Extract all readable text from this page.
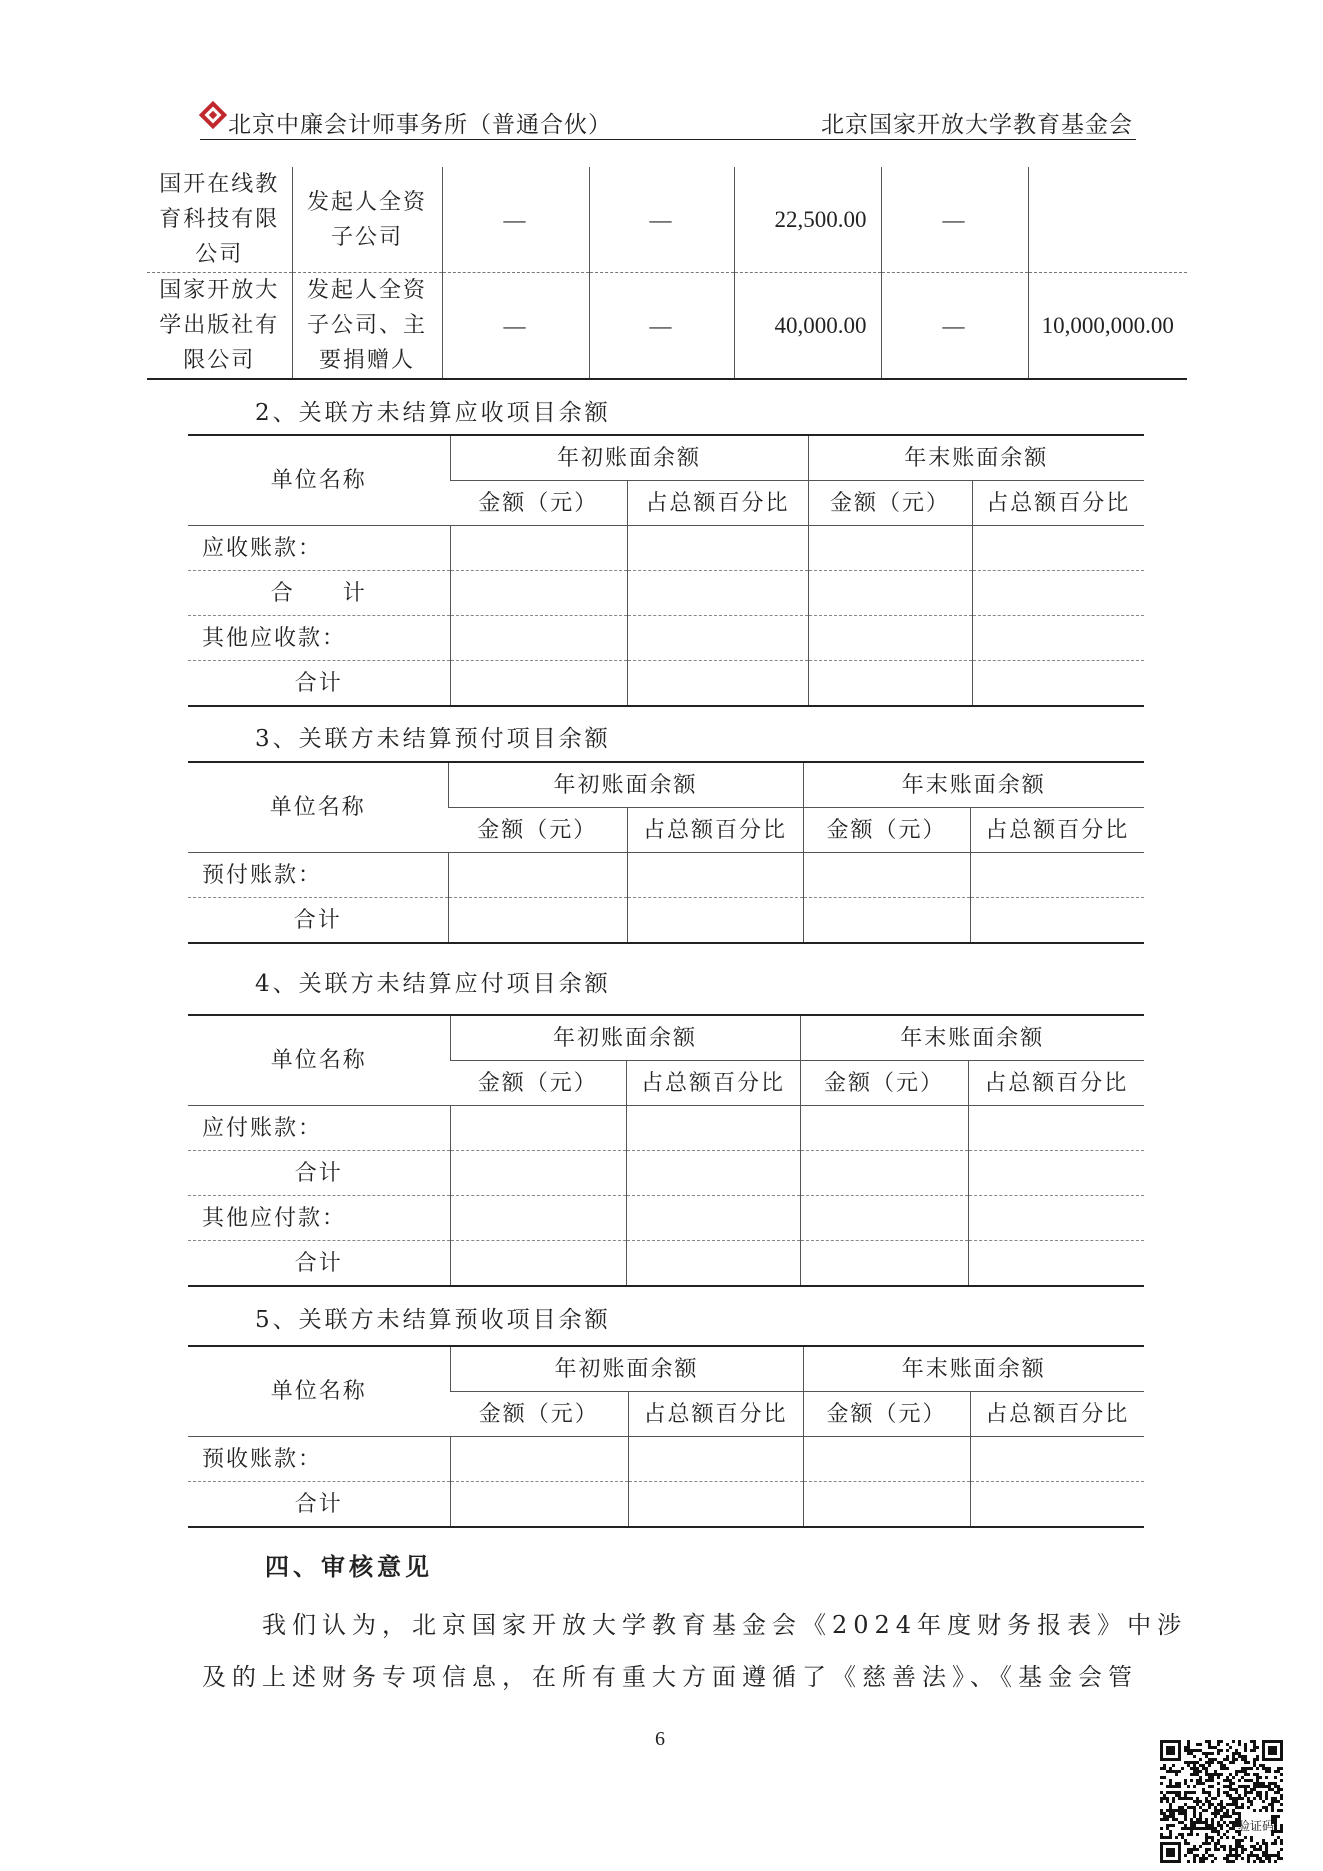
北京中廉会计师事务所（普通合伙）	北京国家开放大学教育基金会
国开在线教育科技有限公司	发起人全资子公司	—	—	22,500.00	—	
国家开放大学出版社有限公司	发起人全资子公司、主要捐赠人	—	—	40,000.00	—	10,000,000.00
2、关联方未结算应收项目余额
单位名称	年初账面余额		年末账面余额	
	金额（元）	占总额百分比	金额（元）	占总额百分比
应收账款：				
合　　计				
其他应收款：				
合计				
3、关联方未结算预付项目余额
单位名称	年初账面余额		年末账面余额	
	金额（元）	占总额百分比	金额（元）	占总额百分比
预付账款：				
合计				
4、关联方未结算应付项目余额
单位名称	年初账面余额		年末账面余额	
	金额（元）	占总额百分比	金额（元）	占总额百分比
应付账款：				
合计				
其他应付款：				
合计				
5、关联方未结算预收项目余额
单位名称	年初账面余额		年末账面余额	
	金额（元）	占总额百分比	金额（元）	占总额百分比
预收账款：				
合计				
四、审核意见
我们认为，北京国家开放大学教育基金会《2024年度财务报表》中涉
及的上述财务专项信息，在所有重大方面遵循了《慈善法》、《基金会管
6
验证码
